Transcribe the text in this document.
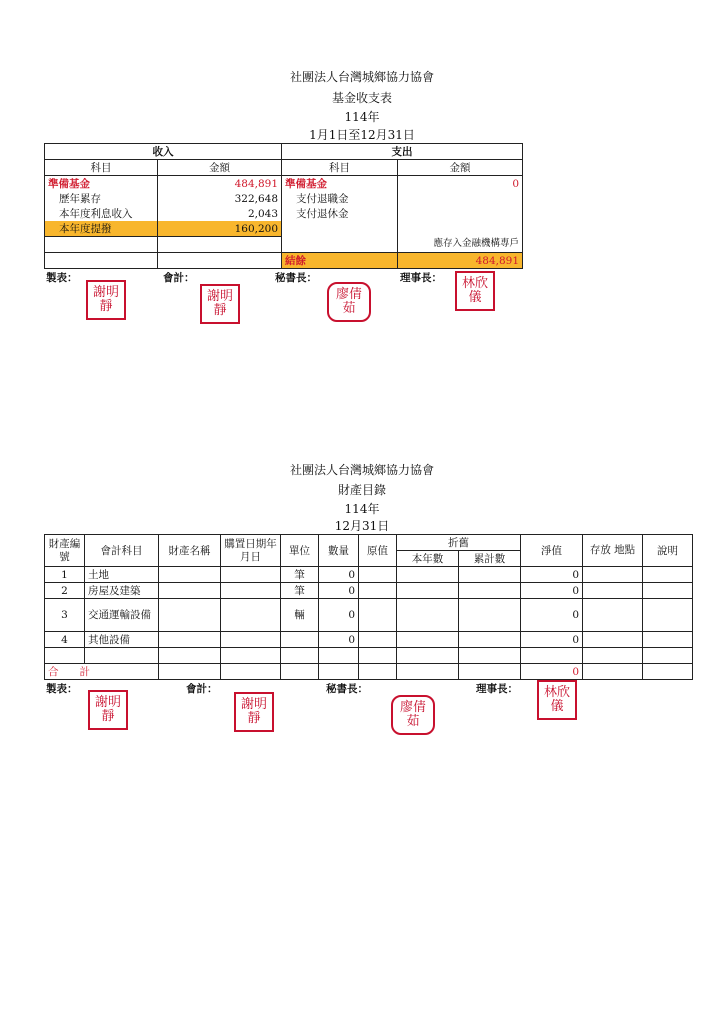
社團法人台灣城鄉協力協會
基金收支表
114年
1月1日至12月31日
收入		支出	
科目	金額	科目	金額
準備基金	484,891	準備基金	0
歷年累存	322,648	支付退職金	
本年度利息收入	2,043	支付退休金	
本年度提撥	160,200		
			應存入金融機構專戶
		結餘	484,891
製表：	會計：	秘書長：	理事長：
謝明靜
謝明靜
廖倩茹
林欣儀
社團法人台灣城鄉協力協會
財產目錄
114年
12月31日
財產編號	會計科目	財產名稱	購置日期年月日	單位	數量	原值	折舊		淨值	存放 地點	說明
							本年數	累計數			
1	土地			筆	0				0		
2	房屋及建築			筆	0				0		
3	交通運輸設備			輛	0				0		
4	其他設備				0				0		

合　　計									0		
製表：	會計：	秘書長：	理事長：
謝明靜
謝明靜
廖倩茹
林欣儀
